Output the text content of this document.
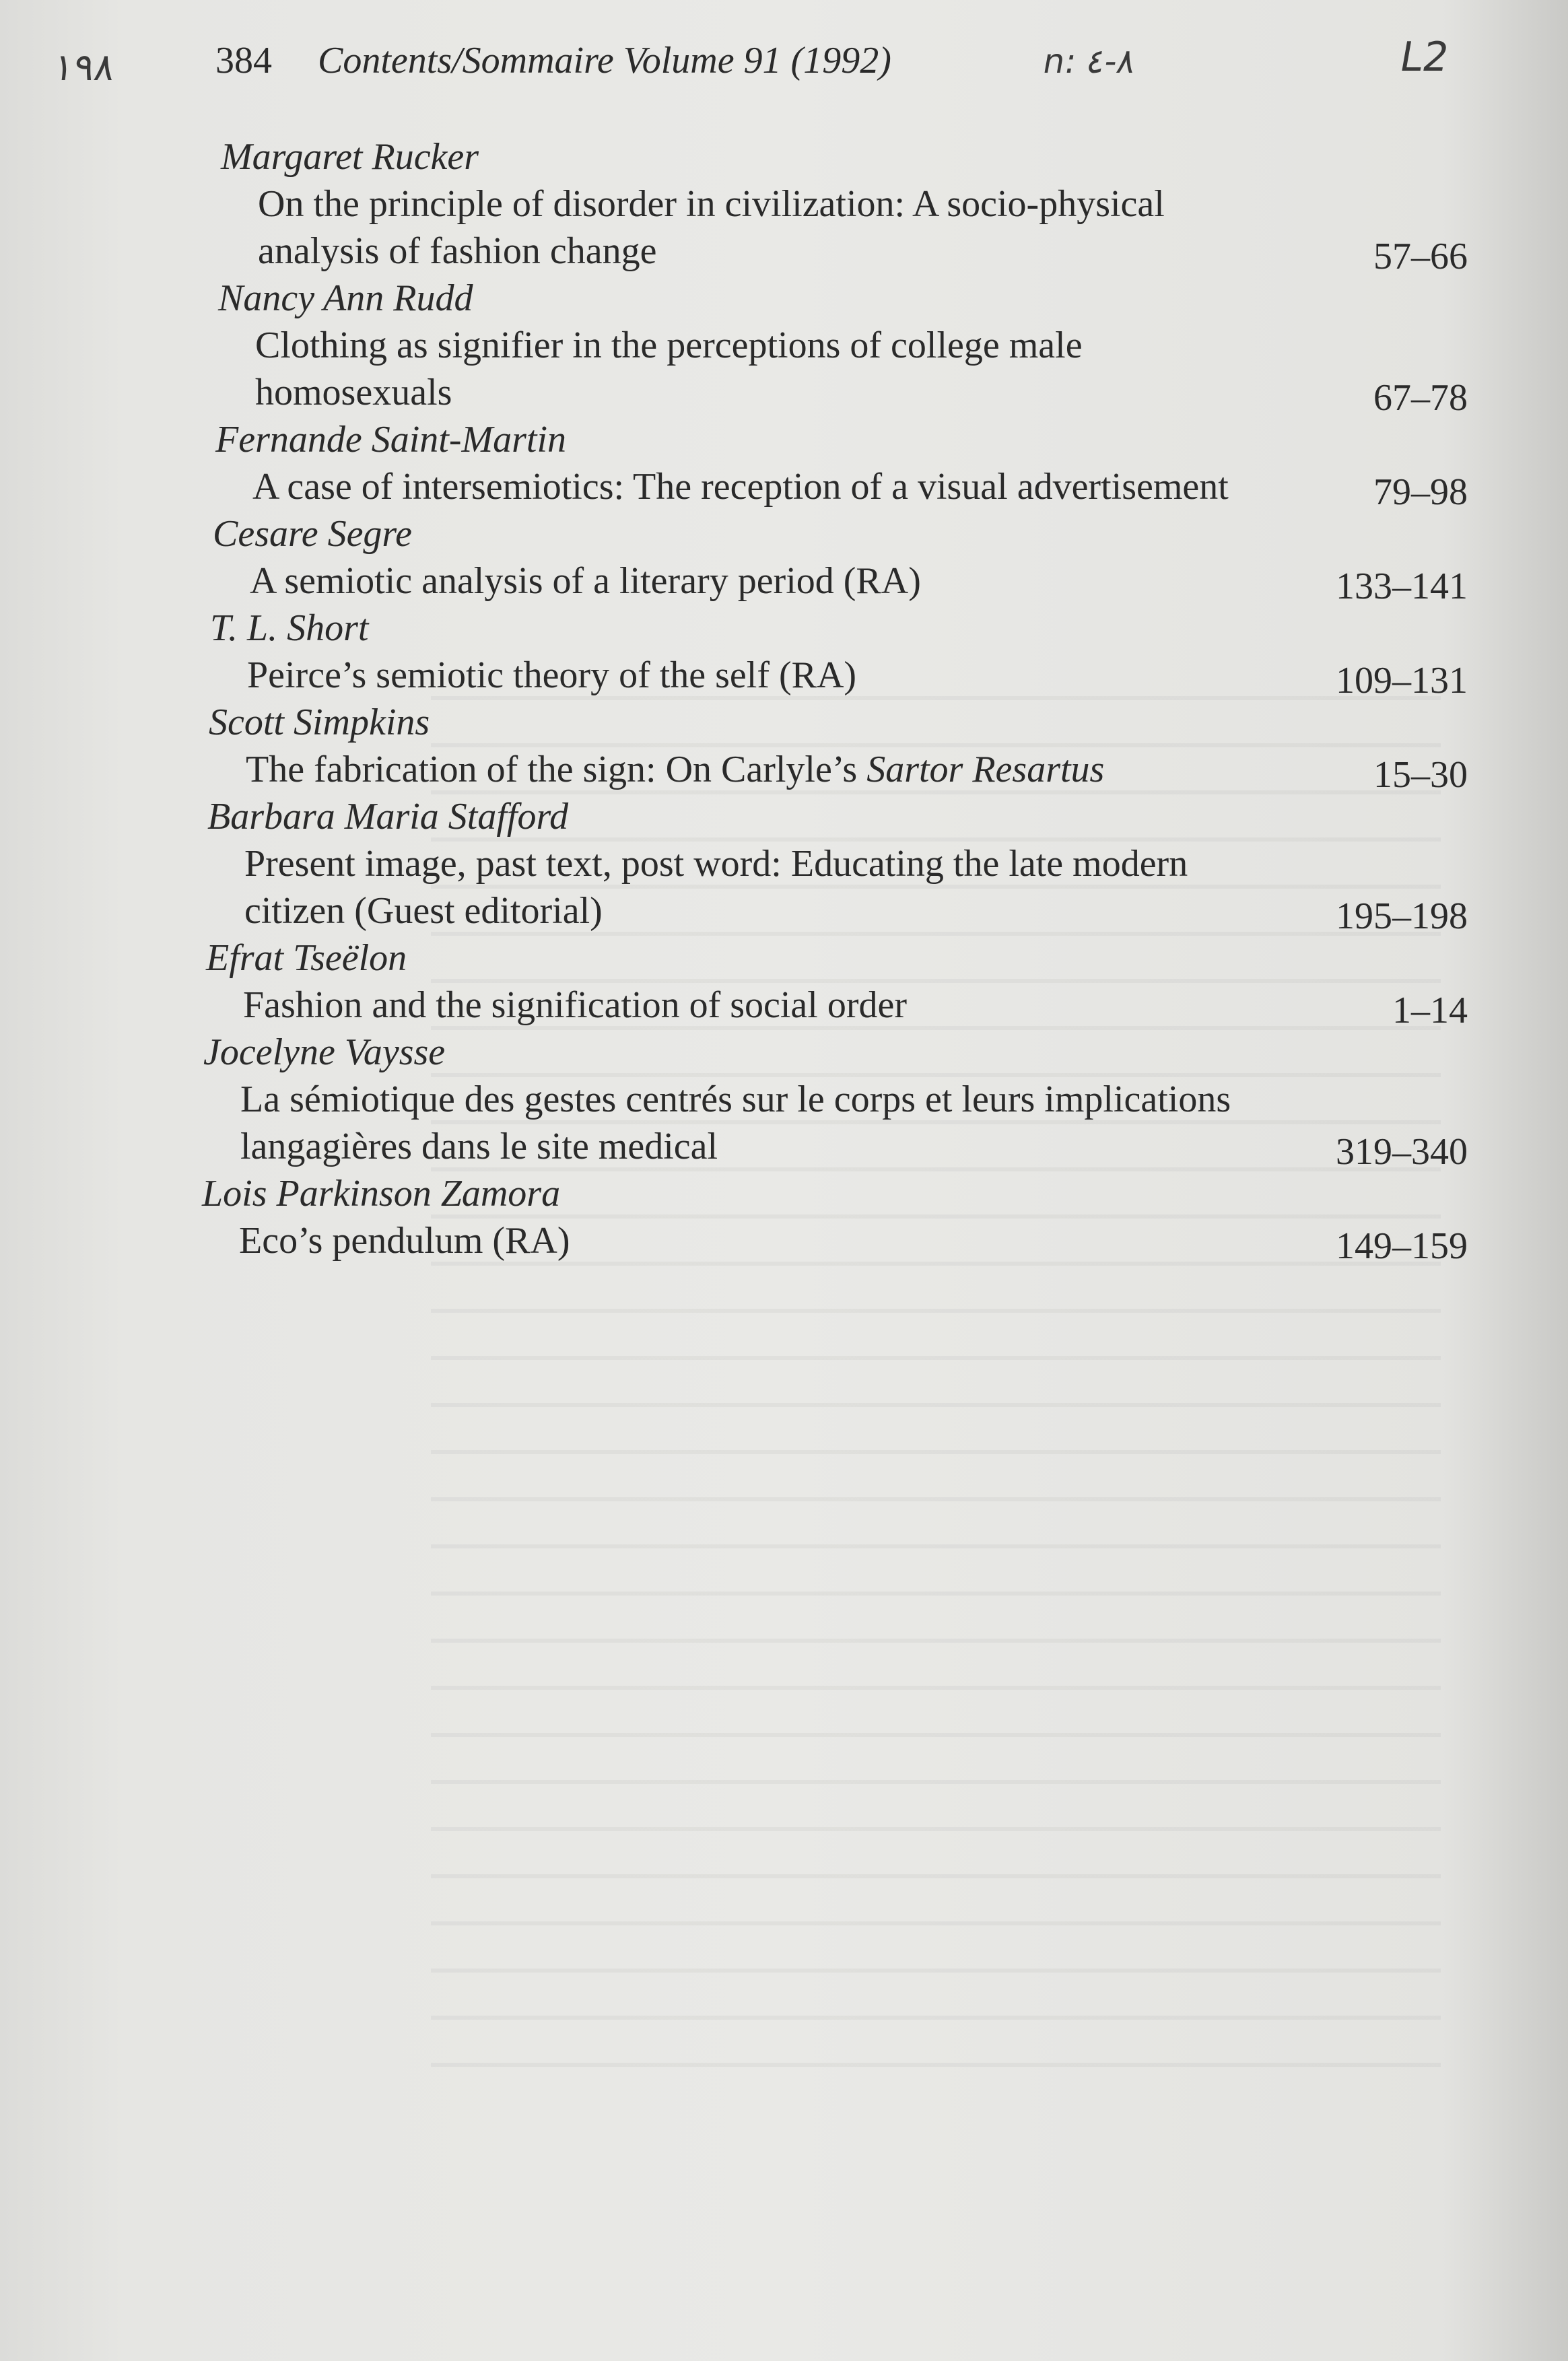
١٩٨	384 Contents/Sommaire Volume 91 (1992)	n: ٨-٤	L2
Margaret Rucker
On the principle of disorder in civilization: A socio-physical analysis of fashion change	57–66
Nancy Ann Rudd
Clothing as signifier in the perceptions of college male homosexuals	67–78
Fernande Saint-Martin
A case of intersemiotics: The reception of a visual advertisement	79–98
Cesare Segre
A semiotic analysis of a literary period (RA)	133–141
T. L. Short
Peirce’s semiotic theory of the self (RA)	109–131
Scott Simpkins
The fabrication of the sign: On Carlyle’s Sartor Resartus	15–30
Barbara Maria Stafford
Present image, past text, post word: Educating the late modern citizen (Guest editorial)	195–198
Efrat Tseëlon
Fashion and the signification of social order	1–14
Jocelyne Vaysse
La sémiotique des gestes centrés sur le corps et leurs implications langagières dans le site medical	319–340
Lois Parkinson Zamora
Eco’s pendulum (RA)	149–159
